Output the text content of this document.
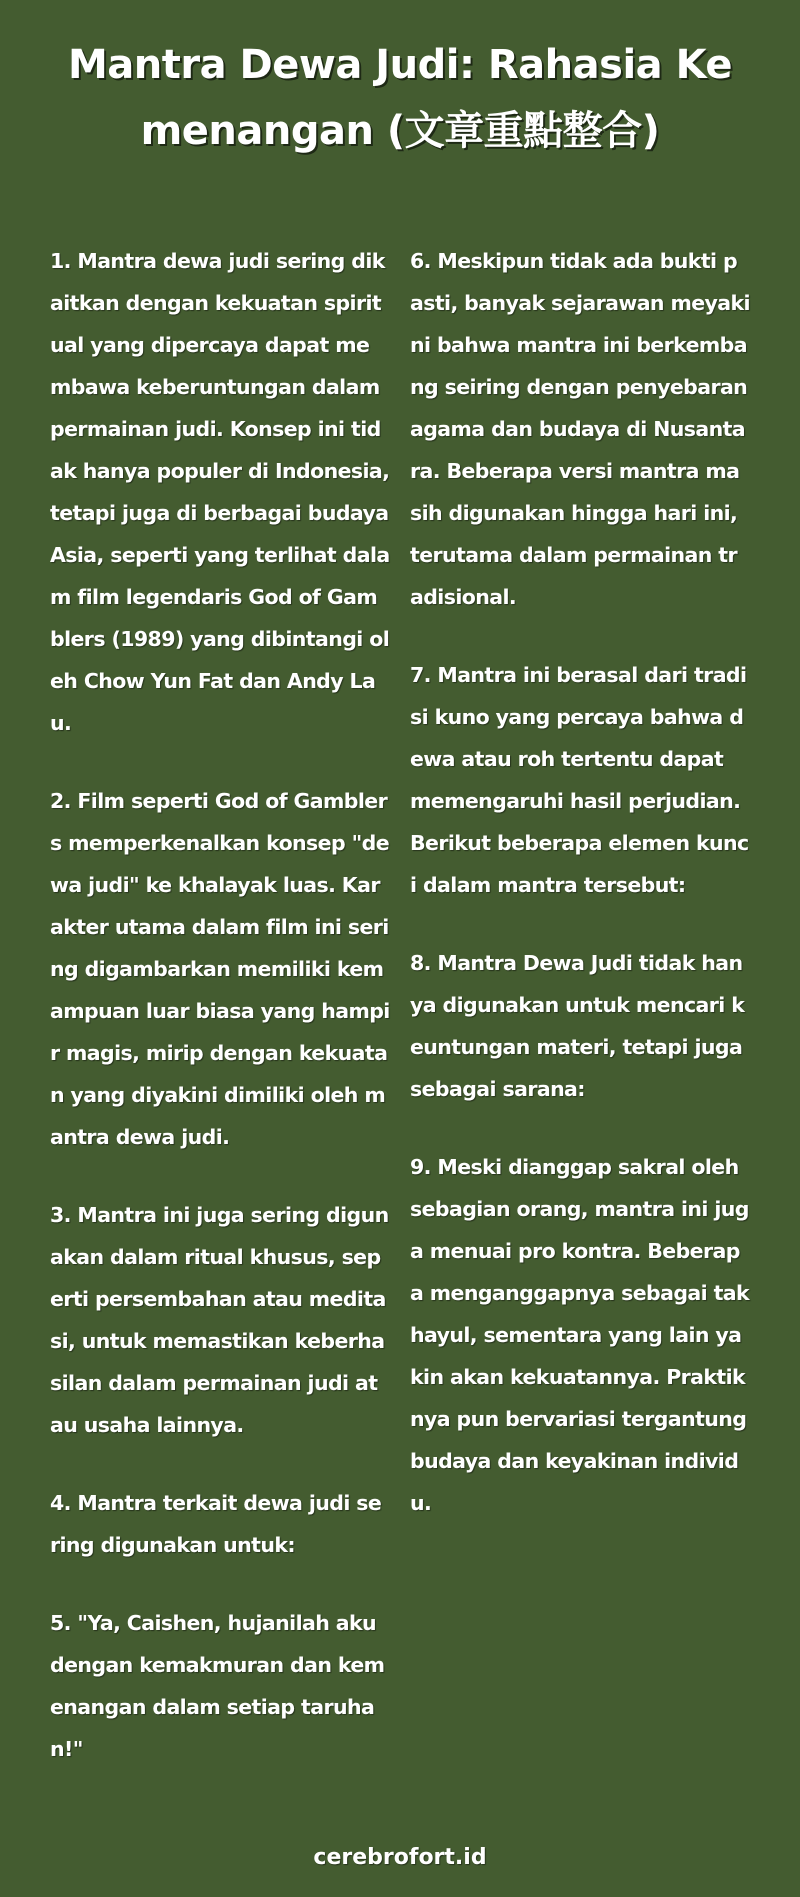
Mantra Dewa Judi: Rahasia Kemenangan (文章重點整合)

1. Mantra dewa judi sering dikaitkan dengan kekuatan spiritual yang dipercaya dapat membawa keberuntungan dalam permainan judi. Konsep ini tidak hanya populer di Indonesia, tetapi juga di berbagai budaya Asia, seperti yang terlihat dalam film legendaris God of Gamblers (1989) yang dibintangi oleh Chow Yun Fat dan Andy Lau.

2. Film seperti God of Gamblers memperkenalkan konsep "dewa judi" ke khalayak luas. Karakter utama dalam film ini sering digambarkan memiliki kemampuan luar biasa yang hampir magis, mirip dengan kekuatan yang diyakini dimiliki oleh mantra dewa judi.

3. Mantra ini juga sering digunakan dalam ritual khusus, seperti persembahan atau meditasi, untuk memastikan keberhasilan dalam permainan judi atau usaha lainnya.

4. Mantra terkait dewa judi sering digunakan untuk:

5. "Ya, Caishen, hujanilah aku dengan kemakmuran dan kemenangan dalam setiap taruhan!"

6. Meskipun tidak ada bukti pasti, banyak sejarawan meyakini bahwa mantra ini berkembang seiring dengan penyebaran agama dan budaya di Nusantara. Beberapa versi mantra masih digunakan hingga hari ini, terutama dalam permainan tradisional.

7. Mantra ini berasal dari tradisi kuno yang percaya bahwa dewa atau roh tertentu dapat memengaruhi hasil perjudian. Berikut beberapa elemen kunci dalam mantra tersebut:

8. Mantra Dewa Judi tidak hanya digunakan untuk mencari keuntungan materi, tetapi juga sebagai sarana:

9. Meski dianggap sakral oleh sebagian orang, mantra ini juga menuai pro kontra. Beberapa menganggapnya sebagai takhayul, sementara yang lain yakin akan kekuatannya. Praktiknya pun bervariasi tergantung budaya dan keyakinan individu.

cerebrofort.id
